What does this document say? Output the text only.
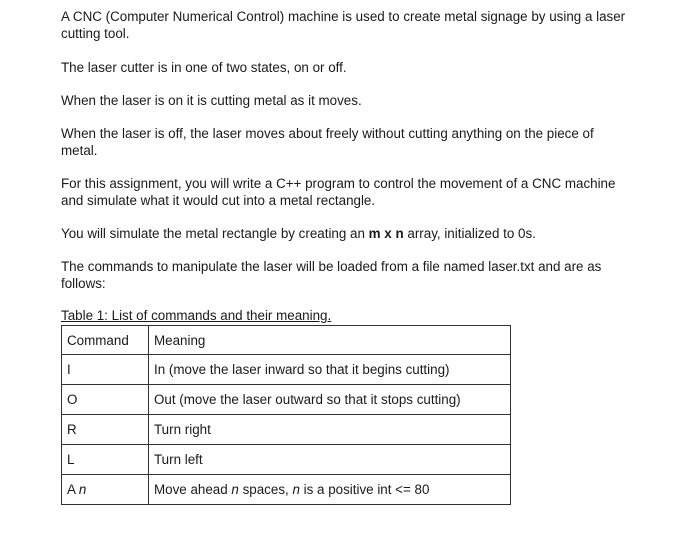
A CNC (Computer Numerical Control) machine is used to create metal signage by using a laser cutting tool.

The laser cutter is in one of two states, on or off.

When the laser is on it is cutting metal as it moves.

When the laser is off, the laser moves about freely without cutting anything on the piece of metal.

For this assignment, you will write a C++ program to control the movement of a CNC machine and simulate what it would cut into a metal rectangle.

You will simulate the metal rectangle by creating an m x n array, initialized to 0s.

The commands to manipulate the laser will be loaded from a file named laser.txt and are as follows:

Table 1: List of commands and their meaning.

Command	Meaning
I	In (move the laser inward so that it begins cutting)
O	Out (move the laser outward so that it stops cutting)
R	Turn right
L	Turn left
A n	Move ahead n spaces, n is a positive int <= 80
